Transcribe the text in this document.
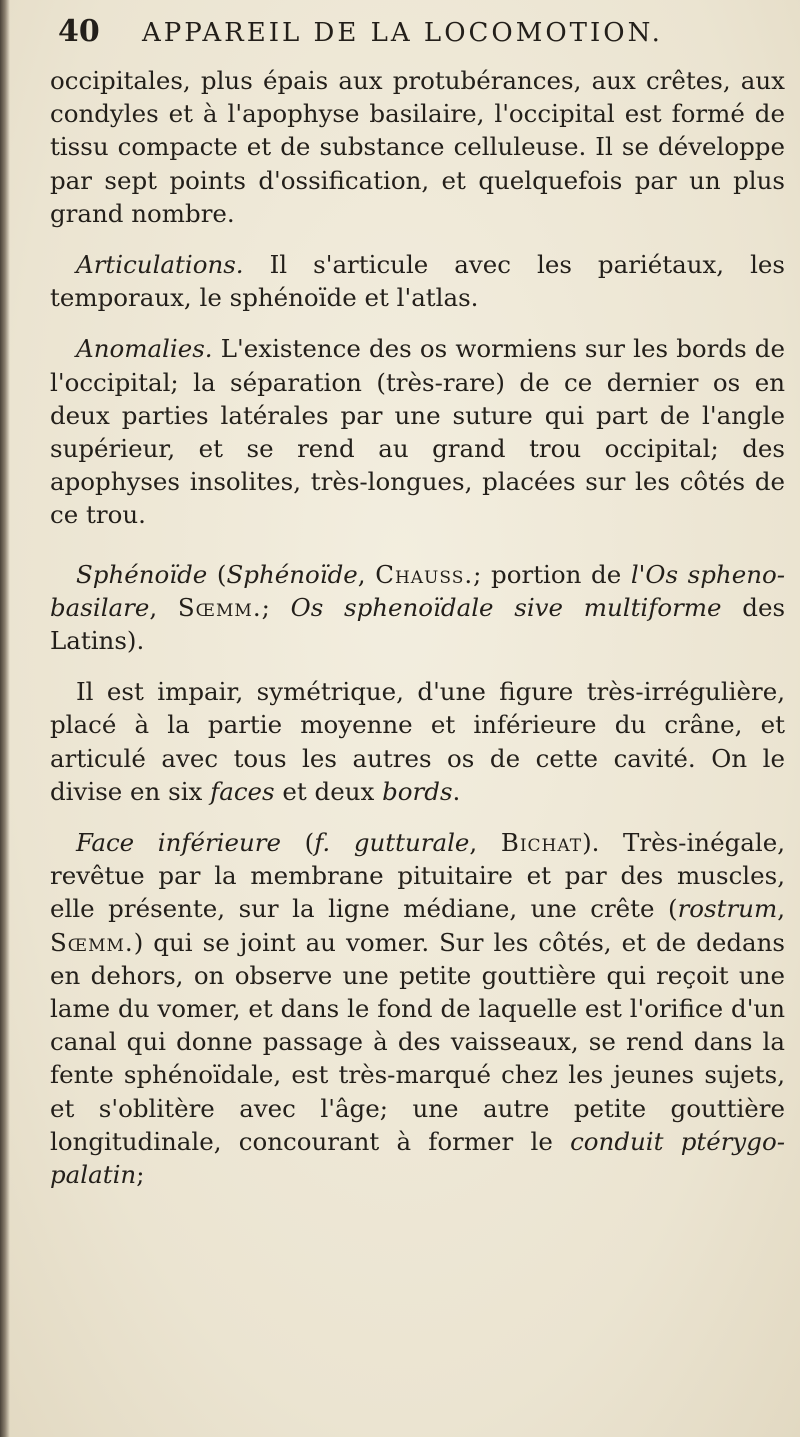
40 APPAREIL DE LA LOCOMOTION.

occipitales, plus épais aux protubérances, aux crêtes, aux condyles et à l'apophyse basilaire, l'occipital est formé de tissu compacte et de substance celluleuse. Il se développe par sept points d'ossification, et quelquefois par un plus grand nombre.

Articulations. Il s'articule avec les pariétaux, les temporaux, le sphénoïde et l'atlas.

Anomalies. L'existence des os wormiens sur les bords de l'occipital; la séparation (très-rare) de ce dernier os en deux parties latérales par une suture qui part de l'angle supérieur, et se rend au grand trou occipital; des apophyses insolites, très-longues, placées sur les côtés de ce trou.

Sphénoïde (Sphénoïde, Chauss.; portion de l'Os spheno-basilare, Sœmm.; Os sphenoïdale sive multiforme des Latins).

Il est impair, symétrique, d'une figure très-irrégulière, placé à la partie moyenne et inférieure du crâne, et articulé avec tous les autres os de cette cavité. On le divise en six faces et deux bords.

Face inférieure (f. gutturale, Bichat). Très-inégale, revêtue par la membrane pituitaire et par des muscles, elle présente, sur la ligne médiane, une crête (rostrum, Sœmm.) qui se joint au vomer. Sur les côtés, et de dedans en dehors, on observe une petite gouttière qui reçoit une lame du vomer, et dans le fond de laquelle est l'orifice d'un canal qui donne passage à des vaisseaux, se rend dans la fente sphénoïdale, est très-marqué chez les jeunes sujets, et s'oblitère avec l'âge; une autre petite gouttière longitudinale, concourant à former le conduit ptérygo-palatin;
